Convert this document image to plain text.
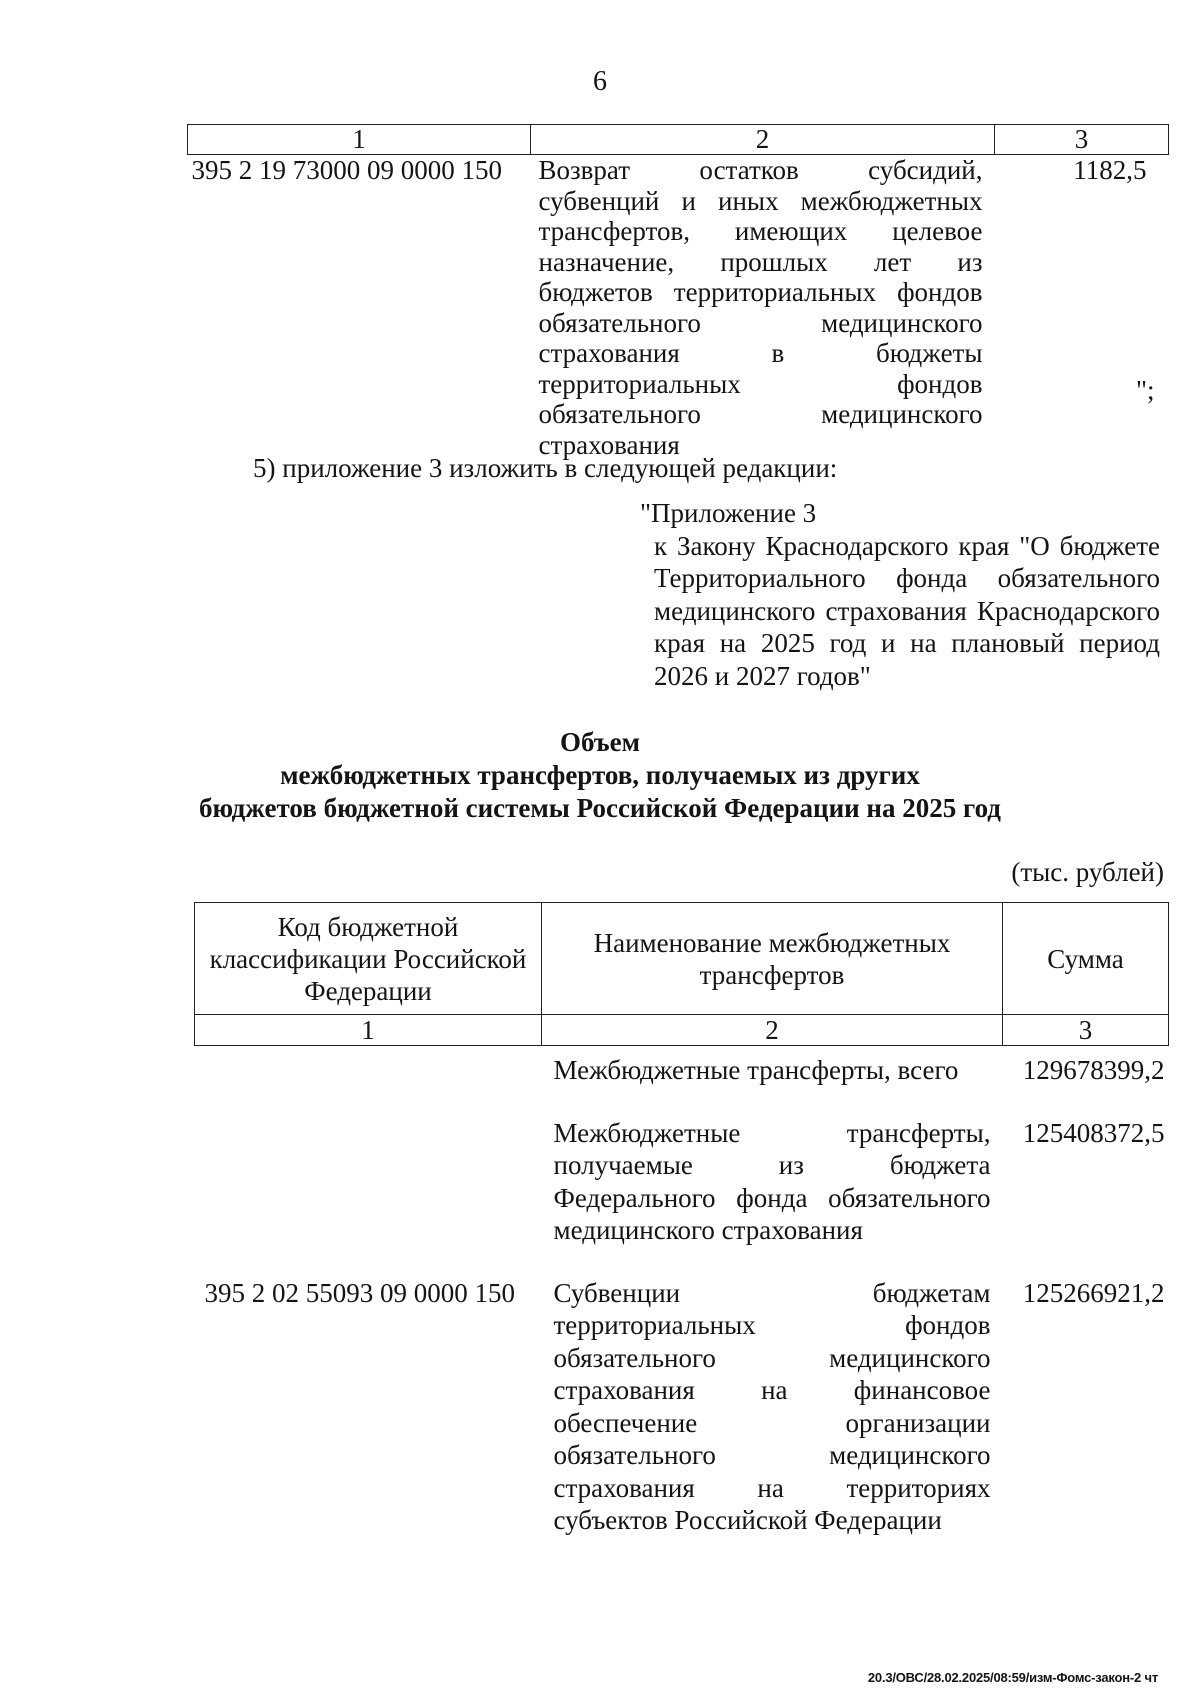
6
1	2	3
395 2 19 73000 09 0000 150	Возврат остатков субсидий, субвенций и иных межбюджетных трансфертов, имеющих целевое назначение, прошлых лет из бюджетов территориальных фондов обязательного медицинского страхования в бюджеты территориальных фондов обязательного медицинского страхования	1182,5
";
5) приложение 3 изложить в следующей редакции:
"Приложение 3
к Закону Краснодарского края "О бюджете Территориального фонда обязательного медицинского страхования Краснодарского края на 2025 год и на плановый период 2026 и 2027 годов"
Объем
межбюджетных трансфертов, получаемых из других
бюджетов бюджетной системы Российской Федерации на 2025 год
(тыс. рублей)
Код бюджетной классификации Российской Федерации	Наименование межбюджетных трансфертов	Сумма
1	2	3
	Межбюджетные трансферты, всего	129678399,2
	Межбюджетные трансферты, получаемые из бюджета Федерального фонда обязательного медицинского страхования	125408372,5
395 2 02 55093 09 0000 150	Субвенции бюджетам территориальных фондов обязательного медицинского страхования на финансовое обеспечение организации обязательного медицинского страхования на территориях субъектов Российской Федерации	125266921,2
20.3/ОВС/28.02.2025/08:59/изм-Фомс-закон-2 чт
